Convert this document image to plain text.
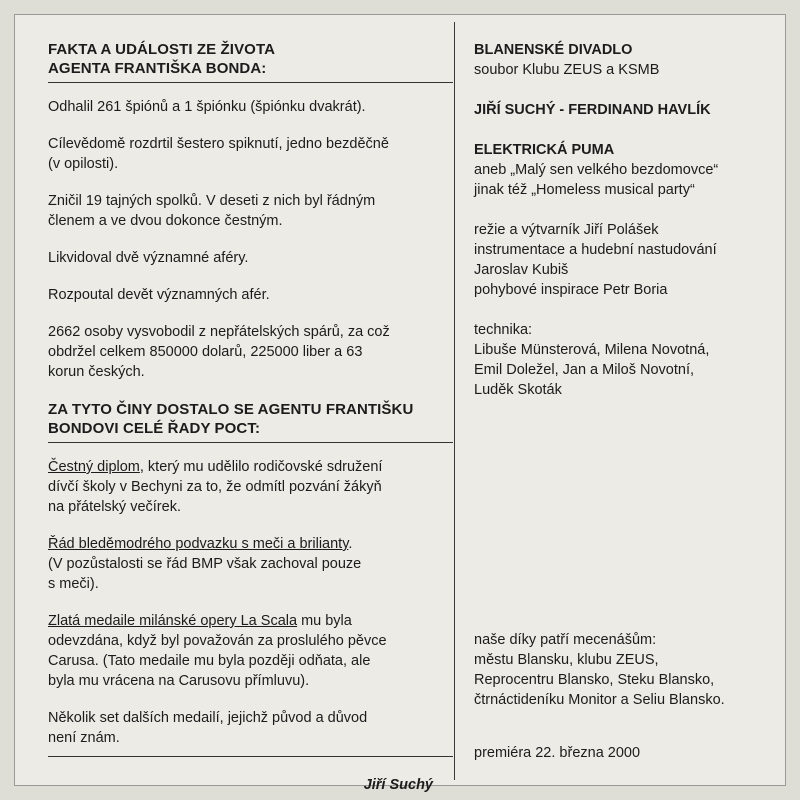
FAKTA A UDÁLOSTI ZE ŽIVOTA
AGENTA FRANTIŠKA BONDA:

Odhalil 261 špiónů a 1 špiónku (špiónku dvakrát).

Cílevědomě rozdrtil šestero spiknutí, jedno bezděčně
(v opilosti).

Zničil 19 tajných spolků. V deseti z nich byl řádným
členem a ve dvou dokonce čestným.

Likvidoval dvě významné aféry.

Rozpoutal devět významných afér.

2662 osoby vysvobodil z nepřátelských spárů, za což
obdržel celkem 850000 dolarů, 225000 liber a 63
korun českých.

ZA TYTO ČINY DOSTALO SE AGENTU FRANTIŠKU
BONDOVI CELÉ ŘADY POCT:

Čestný diplom, který mu udělilo rodičovské sdružení
dívčí školy v Bechyni za to, že odmítl pozvání žákyň
na přátelský večírek.

Řád bleděmodrého podvazku s meči a brilianty.
(V pozůstalosti se řád BMP však zachoval pouze
s meči).

Zlatá medaile milánské opery La Scala mu byla
odevzdána, když byl považován za proslulého pěvce
Carusa. (Tato medaile mu byla později odňata, ale
byla mu vrácena na Carusovu přímluvu).

Několik set dalších medailí, jejichž původ a důvod
není znám.

Jiří Suchý
BLANENSKÉ DIVADLO
soubor Klubu ZEUS a KSMB
JIŘÍ SUCHÝ - FERDINAND HAVLÍK
ELEKTRICKÁ PUMA
aneb „Malý sen velkého bezdomovce“
jinak též „Homeless musical party“
režie a výtvarník Jiří Polášek
instrumentace a hudební nastudování
Jaroslav Kubiš
pohybové inspirace Petr Boria
technika:
Libuše Münsterová, Milena Novotná,
Emil Doležel, Jan a Miloš Novotní,
Luděk Skoták
naše díky patří mecenášům:
městu Blansku, klubu ZEUS,
Reprocentru Blansko, Steku Blansko,
čtrnáctideníku Monitor a Seliu Blansko.
premiéra 22. března 2000
